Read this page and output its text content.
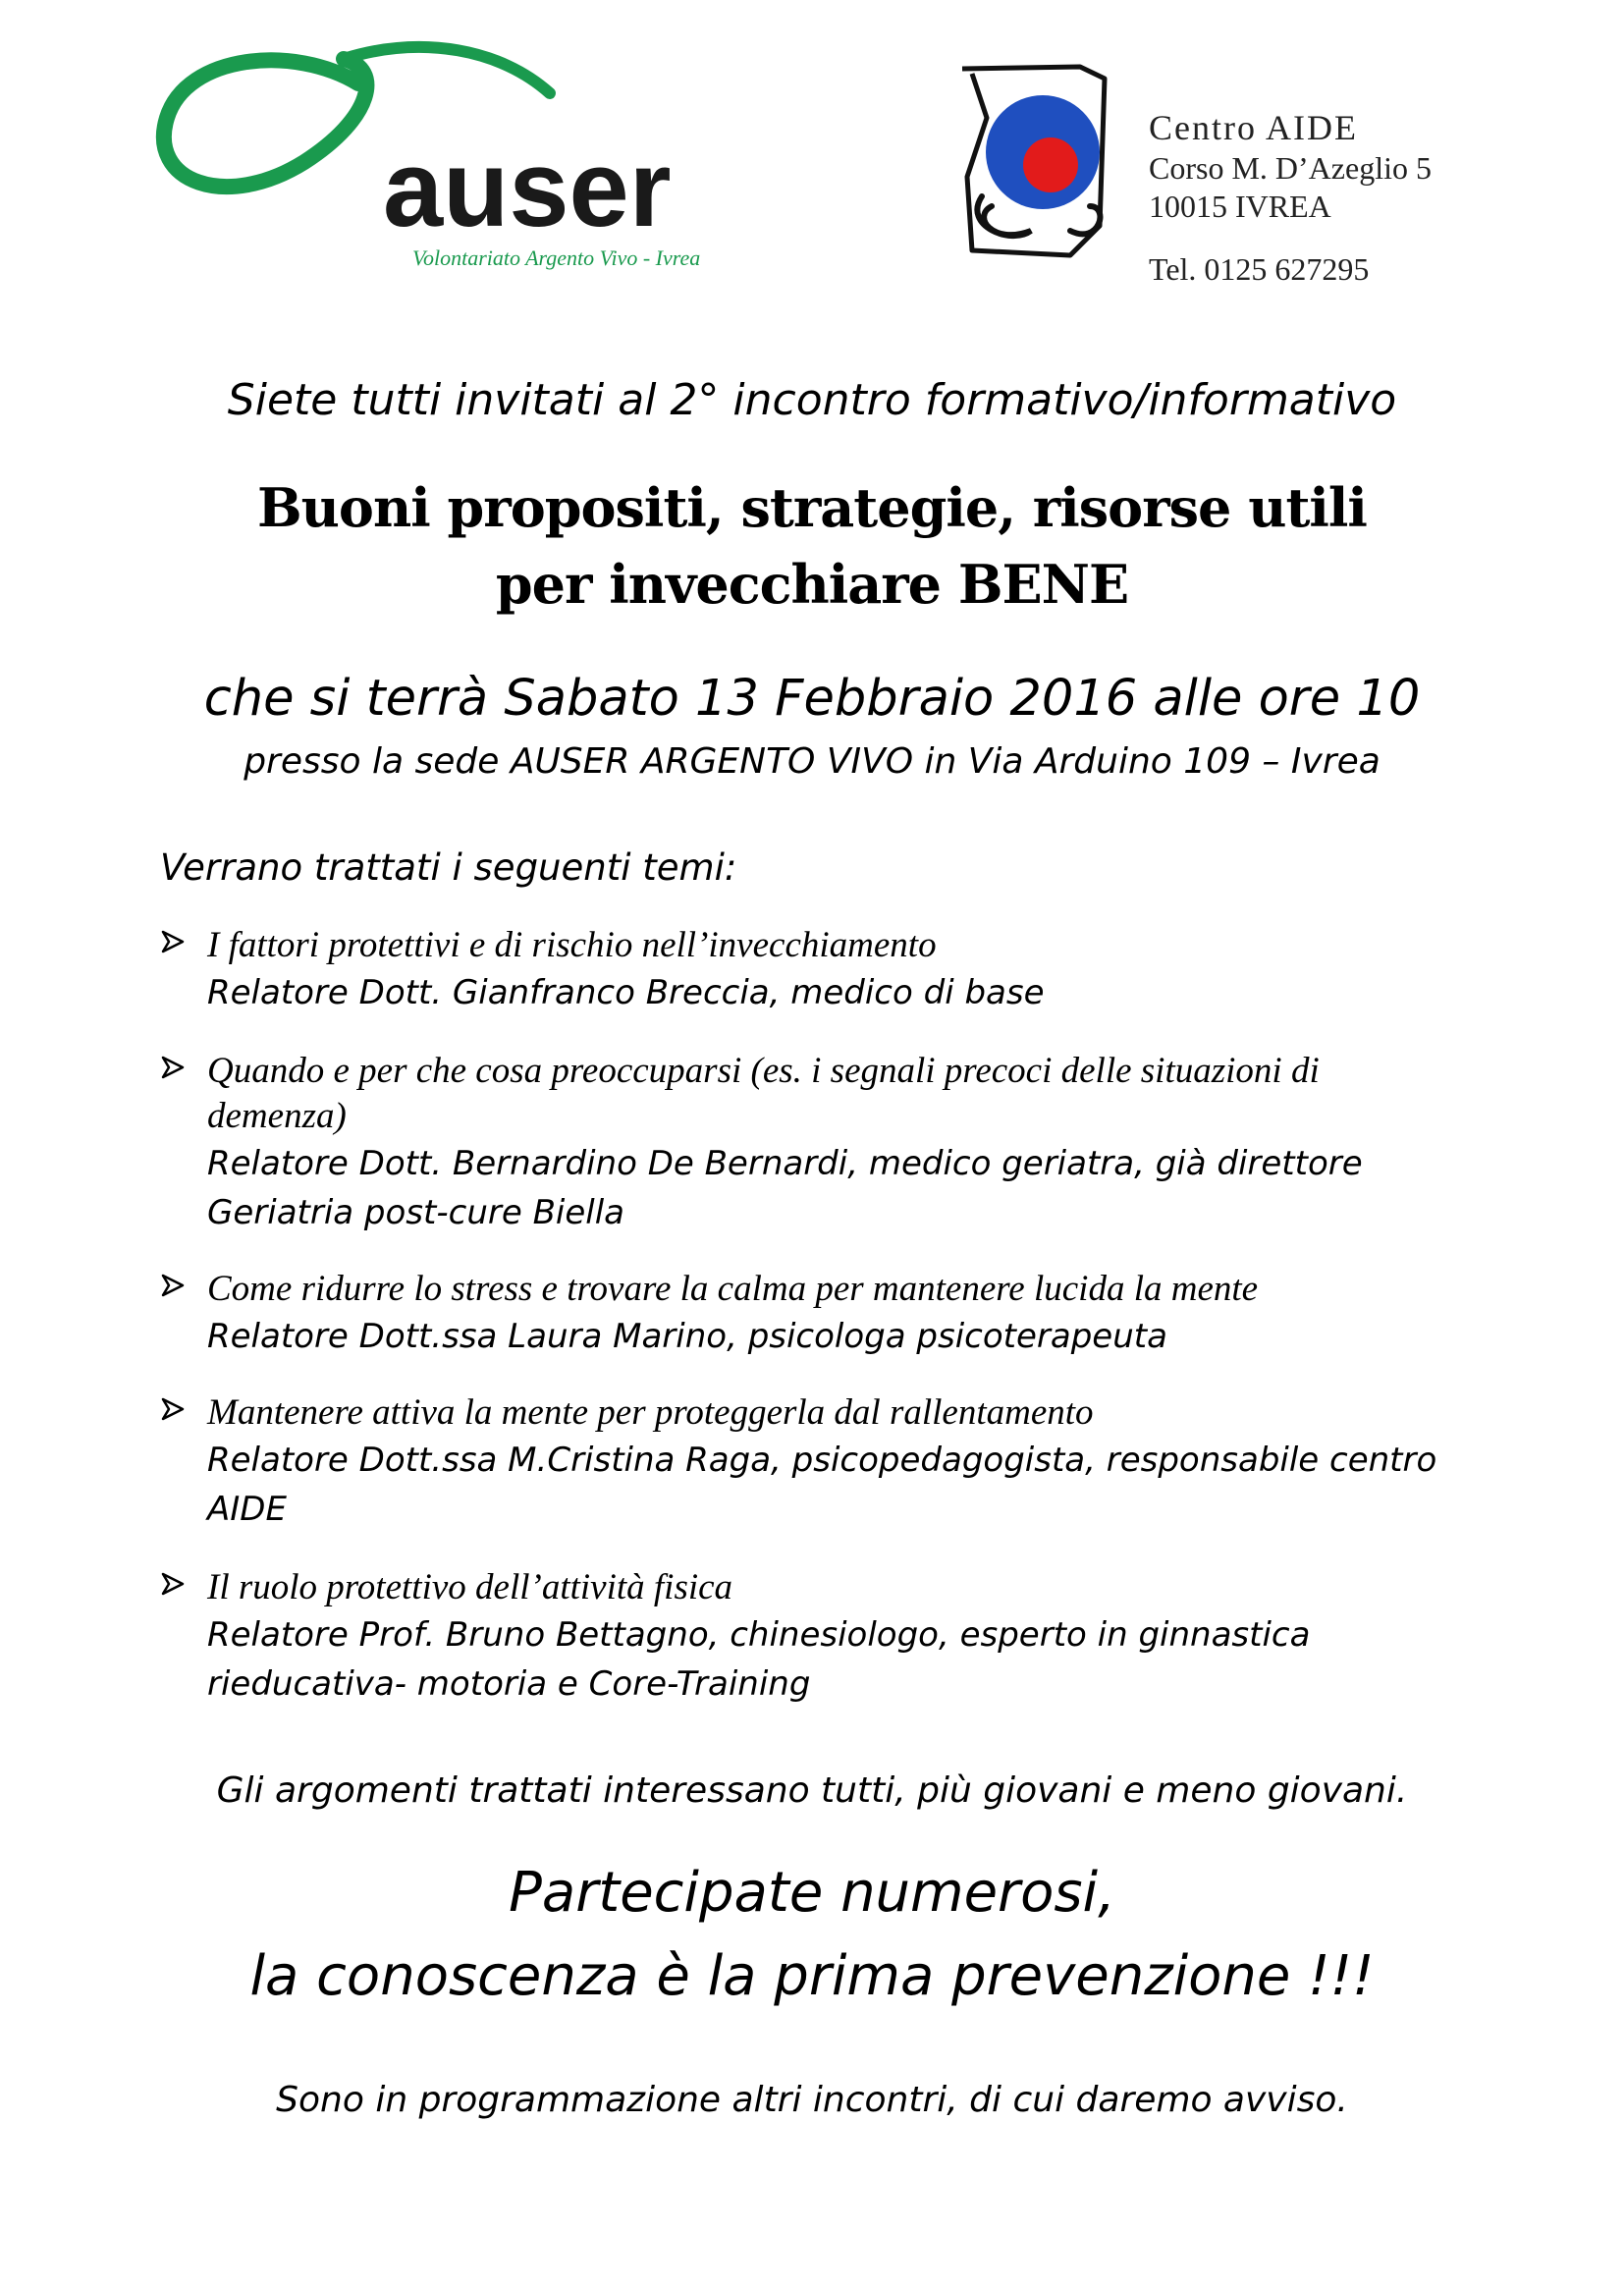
auser
Volontariato Argento Vivo - Ivrea
Centro AIDE
Corso M. D’Azeglio 5
10015 IVREA
Tel. 0125 627295
Siete tutti invitati al 2° incontro formativo/informativo
Buoni propositi, strategie, risorse utili
per invecchiare BENE
che si terrà Sabato 13 Febbraio 2016 alle ore 10
presso la sede AUSER ARGENTO VIVO in Via Arduino 109 – Ivrea
Verrano trattati i seguenti temi:
I fattori protettivi e di rischio nell’invecchiamento
Relatore Dott. Gianfranco Breccia, medico di base
Quando e per che cosa preoccuparsi (es. i segnali precoci delle situazioni di
demenza)
Relatore Dott. Bernardino De Bernardi, medico geriatra, già direttore
Geriatria post-cure Biella
Come ridurre lo stress e trovare la calma per mantenere lucida la mente
Relatore Dott.ssa Laura Marino, psicologa psicoterapeuta
Mantenere attiva la mente per proteggerla dal rallentamento
Relatore Dott.ssa M.Cristina Raga, psicopedagogista, responsabile centro
AIDE
Il ruolo protettivo dell’attività fisica
Relatore Prof. Bruno Bettagno, chinesiologo, esperto in ginnastica
rieducativa- motoria e Core-Training
Gli argomenti trattati interessano tutti, più giovani e meno giovani.
Partecipate numerosi,
la conoscenza è la prima prevenzione !!!
Sono in programmazione altri incontri, di cui daremo avviso.
